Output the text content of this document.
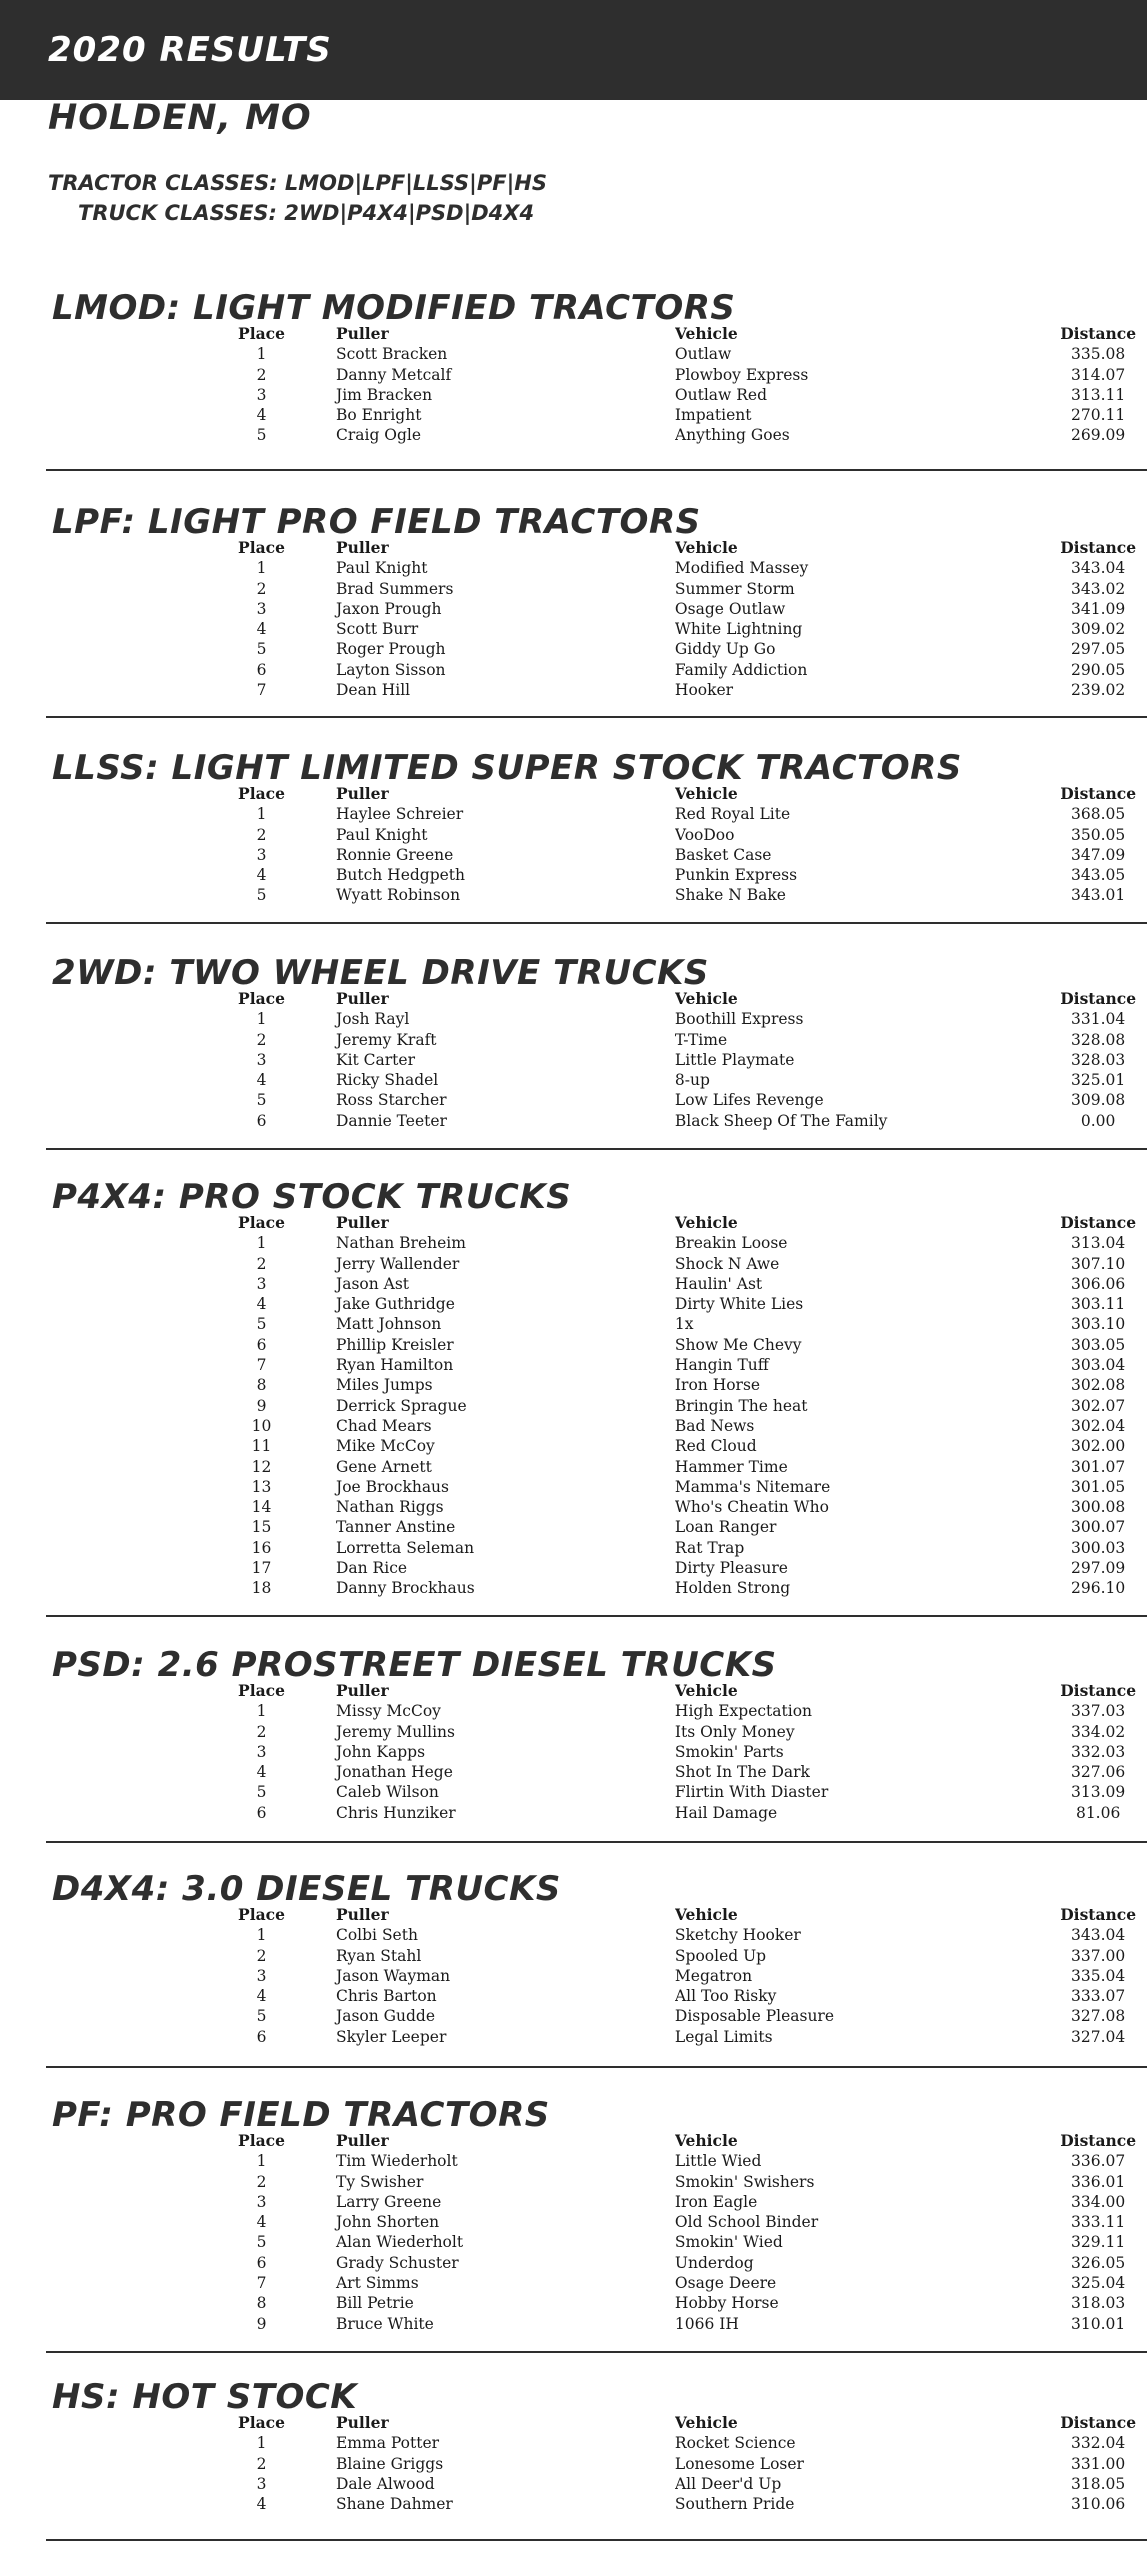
2020 RESULTS
HOLDEN, MO
TRACTOR CLASSES: LMOD|LPF|LLSS|PF|HS
TRUCK CLASSES: 2WD|P4X4|PSD|D4X4
LMOD: LIGHT MODIFIED TRACTORS
	Place	Puller	Vehicle	Distance
	1	Scott Bracken	Outlaw	335.08
	2	Danny Metcalf	Plowboy Express	314.07
	3	Jim Bracken	Outlaw Red	313.11
	4	Bo Enright	Impatient	270.11
	5	Craig Ogle	Anything Goes	269.09
LPF: LIGHT PRO FIELD TRACTORS
	Place	Puller	Vehicle	Distance
	1	Paul Knight	Modified Massey	343.04
	2	Brad Summers	Summer Storm	343.02
	3	Jaxon Prough	Osage Outlaw	341.09
	4	Scott Burr	White Lightning	309.02
	5	Roger Prough	Giddy Up Go	297.05
	6	Layton Sisson	Family Addiction	290.05
	7	Dean Hill	Hooker	239.02
LLSS: LIGHT LIMITED SUPER STOCK TRACTORS
	Place	Puller	Vehicle	Distance
	1	Haylee Schreier	Red Royal Lite	368.05
	2	Paul Knight	VooDoo	350.05
	3	Ronnie Greene	Basket Case	347.09
	4	Butch Hedgpeth	Punkin Express	343.05
	5	Wyatt Robinson	Shake N Bake	343.01
2WD: TWO WHEEL DRIVE TRUCKS
	Place	Puller	Vehicle	Distance
	1	Josh Rayl	Boothill Express	331.04
	2	Jeremy Kraft	T-Time	328.08
	3	Kit Carter	Little Playmate	328.03
	4	Ricky Shadel	8-up	325.01
	5	Ross Starcher	Low Lifes Revenge	309.08
	6	Dannie Teeter	Black Sheep Of The Family	0.00
P4X4: PRO STOCK TRUCKS
	Place	Puller	Vehicle	Distance
	1	Nathan Breheim	Breakin Loose	313.04
	2	Jerry Wallender	Shock N Awe	307.10
	3	Jason Ast	Haulin' Ast	306.06
	4	Jake Guthridge	Dirty White Lies	303.11
	5	Matt Johnson	1x	303.10
	6	Phillip Kreisler	Show Me Chevy	303.05
	7	Ryan Hamilton	Hangin Tuff	303.04
	8	Miles Jumps	Iron Horse	302.08
	9	Derrick Sprague	Bringin The heat	302.07
	10	Chad Mears	Bad News	302.04
	11	Mike McCoy	Red Cloud	302.00
	12	Gene Arnett	Hammer Time	301.07
	13	Joe Brockhaus	Mamma's Nitemare	301.05
	14	Nathan Riggs	Who's Cheatin Who	300.08
	15	Tanner Anstine	Loan Ranger	300.07
	16	Lorretta Seleman	Rat Trap	300.03
	17	Dan Rice	Dirty Pleasure	297.09
	18	Danny Brockhaus	Holden Strong	296.10
PSD: 2.6 PROSTREET DIESEL TRUCKS
	Place	Puller	Vehicle	Distance
	1	Missy McCoy	High Expectation	337.03
	2	Jeremy Mullins	Its Only Money	334.02
	3	John Kapps	Smokin' Parts	332.03
	4	Jonathan Hege	Shot In The Dark	327.06
	5	Caleb Wilson	Flirtin With Diaster	313.09
	6	Chris Hunziker	Hail Damage	81.06
D4X4: 3.0 DIESEL TRUCKS
	Place	Puller	Vehicle	Distance
	1	Colbi Seth	Sketchy Hooker	343.04
	2	Ryan Stahl	Spooled Up	337.00
	3	Jason Wayman	Megatron	335.04
	4	Chris Barton	All Too Risky	333.07
	5	Jason Gudde	Disposable Pleasure	327.08
	6	Skyler Leeper	Legal Limits	327.04
PF: PRO FIELD TRACTORS
	Place	Puller	Vehicle	Distance
	1	Tim Wiederholt	Little Wied	336.07
	2	Ty Swisher	Smokin' Swishers	336.01
	3	Larry Greene	Iron Eagle	334.00
	4	John Shorten	Old School Binder	333.11
	5	Alan Wiederholt	Smokin' Wied	329.11
	6	Grady Schuster	Underdog	326.05
	7	Art Simms	Osage Deere	325.04
	8	Bill Petrie	Hobby Horse	318.03
	9	Bruce White	1066 IH	310.01
HS: HOT STOCK
	Place	Puller	Vehicle	Distance
	1	Emma Potter	Rocket Science	332.04
	2	Blaine Griggs	Lonesome Loser	331.00
	3	Dale Alwood	All Deer'd Up	318.05
	4	Shane Dahmer	Southern Pride	310.06
